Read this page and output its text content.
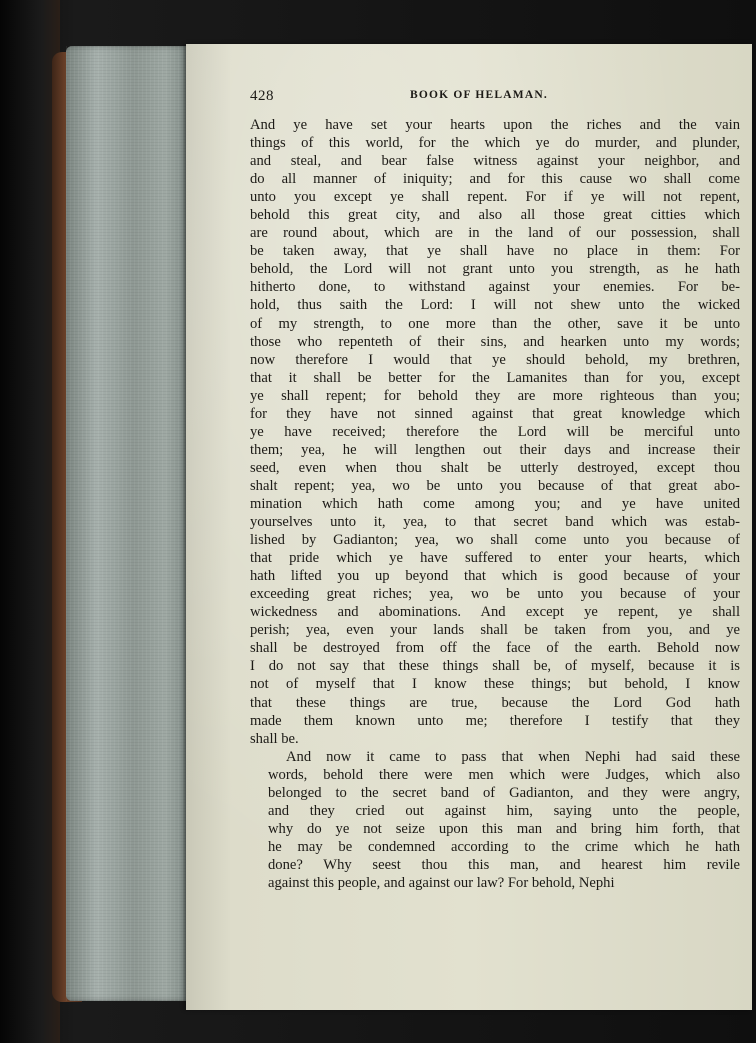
428	BOOK OF HELAMAN.
And ye have set your hearts upon the riches and the vain
things of this world, for the which ye do murder, and plunder,
and steal, and bear false witness against your neighbor, and
do all manner of iniquity; and for this cause wo shall come
unto you except ye shall repent. For if ye will not repent,
behold this great city, and also all those great citties which
are round about, which are in the land of our possession, shall
be taken away, that ye shall have no place in them: For
behold, the Lord will not grant unto you strength, as he hath
hitherto done, to withstand against your enemies. For be-
hold, thus saith the Lord: I will not shew unto the wicked
of my strength, to one more than the other, save it be unto
those who repenteth of their sins, and hearken unto my words;
now therefore I would that ye should behold, my brethren,
that it shall be better for the Lamanites than for you, except
ye shall repent; for behold they are more righteous than you;
for they have not sinned against that great knowledge which
ye have received; therefore the Lord will be merciful unto
them; yea, he will lengthen out their days and increase their
seed, even when thou shalt be utterly destroyed, except thou
shalt repent; yea, wo be unto you because of that great abo-
mination which hath come among you; and ye have united
yourselves unto it, yea, to that secret band which was estab-
lished by Gadianton; yea, wo shall come unto you because of
that pride which ye have suffered to enter your hearts, which
hath lifted you up beyond that which is good because of your
exceeding great riches; yea, wo be unto you because of your
wickedness and abominations. And except ye repent, ye shall
perish; yea, even your lands shall be taken from you, and ye
shall be destroyed from off the face of the earth. Behold now
I do not say that these things shall be, of myself, because it is
not of myself that I know these things; but behold, I know
that these things are true, because the Lord God hath
made them known unto me; therefore I testify that they
shall be.
And now it came to pass that when Nephi had said these
words, behold there were men which were Judges, which also
belonged to the secret band of Gadianton, and they were angry,
and they cried out against him, saying unto the people,
why do ye not seize upon this man and bring him forth, that
he may be condemned according to the crime which he hath
done? Why seest thou this man, and hearest him revile
against this people, and against our law? For behold, Nephi
